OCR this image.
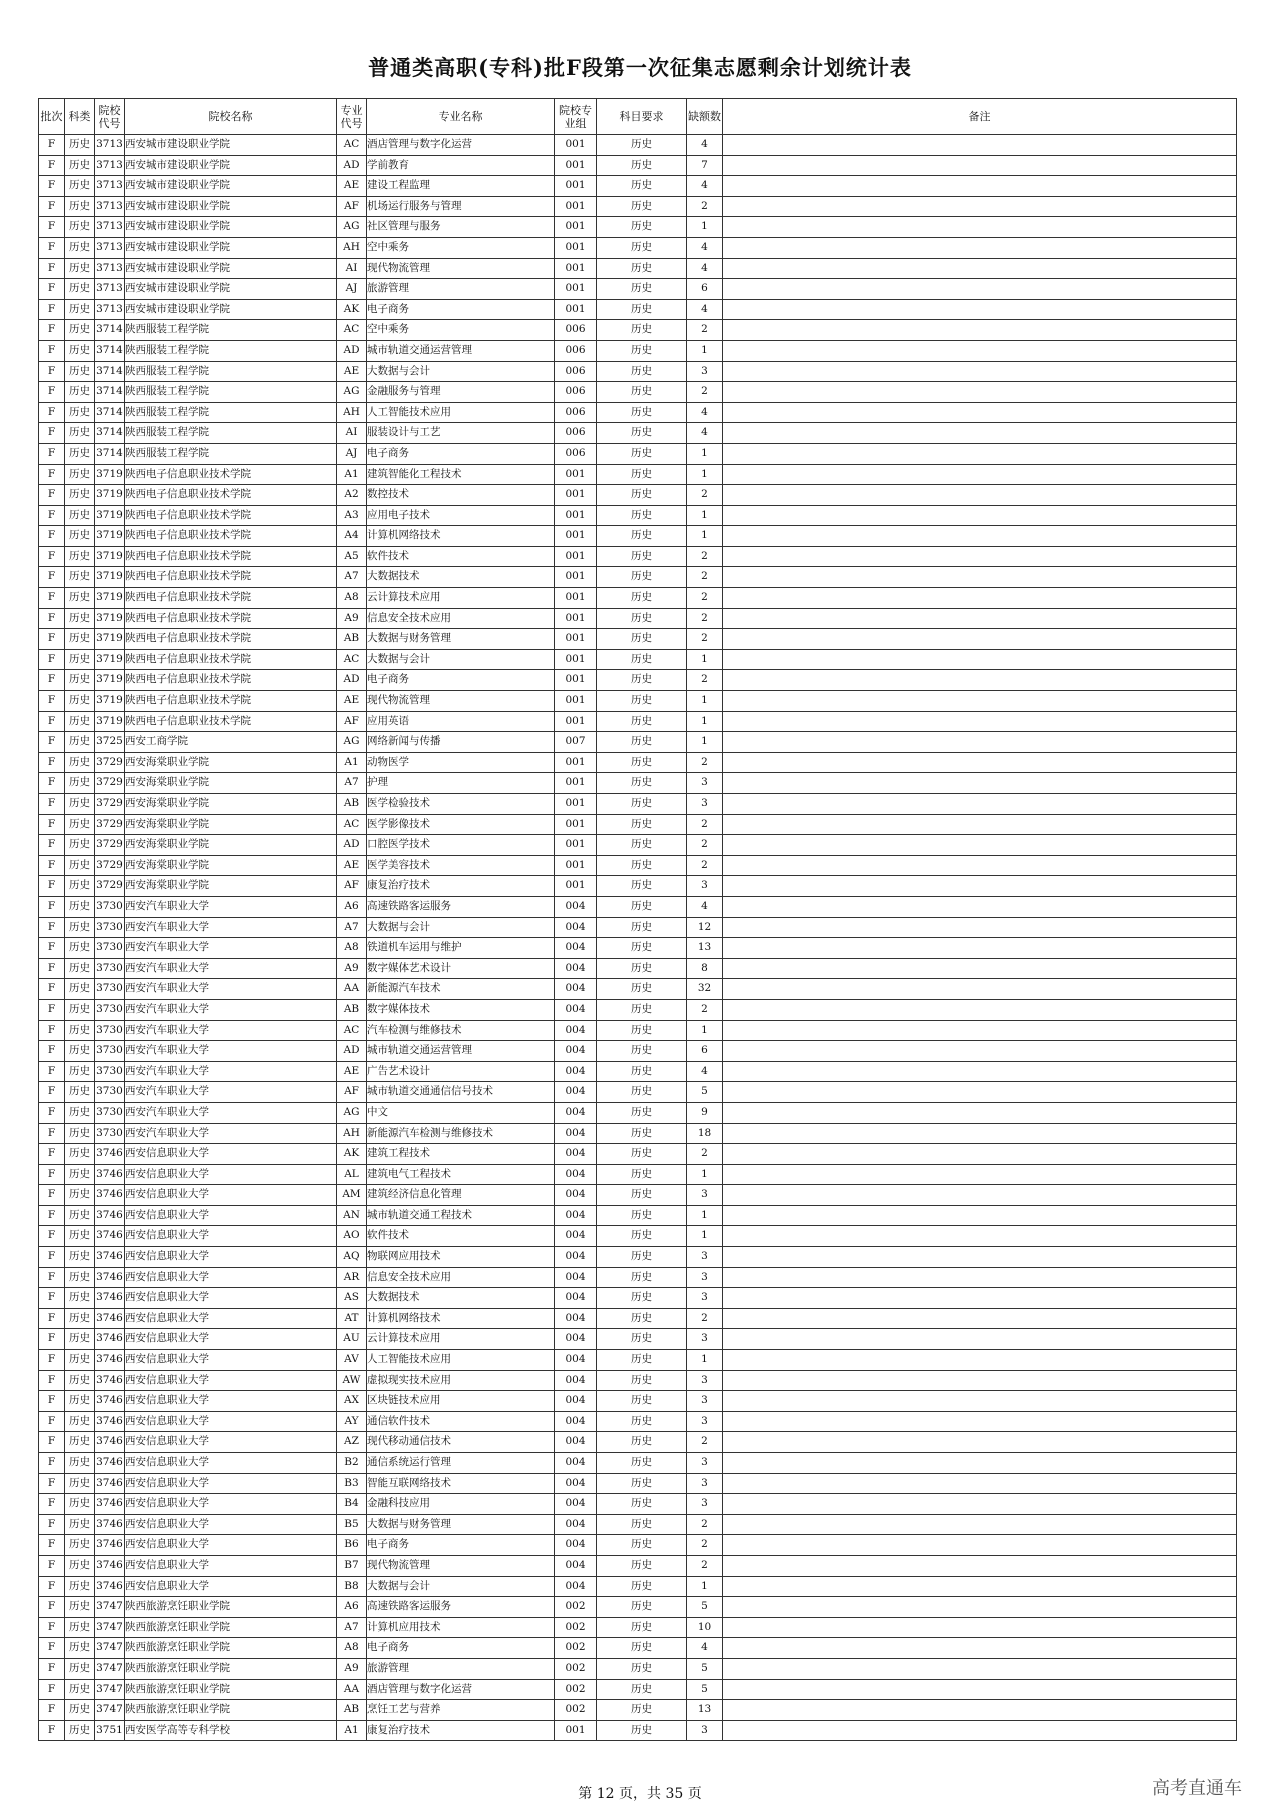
普通类高职(专科)批F段第一次征集志愿剩余计划统计表
批次	科类	院校代号	院校名称	专业代号	专业名称	院校专业组	科目要求	缺额数	备注
F	历史	3713	西安城市建设职业学院	AC	酒店管理与数字化运营	001	历史	4	
F	历史	3713	西安城市建设职业学院	AD	学前教育	001	历史	7	
F	历史	3713	西安城市建设职业学院	AE	建设工程监理	001	历史	4	
F	历史	3713	西安城市建设职业学院	AF	机场运行服务与管理	001	历史	2	
F	历史	3713	西安城市建设职业学院	AG	社区管理与服务	001	历史	1	
F	历史	3713	西安城市建设职业学院	AH	空中乘务	001	历史	4	
F	历史	3713	西安城市建设职业学院	AI	现代物流管理	001	历史	4	
F	历史	3713	西安城市建设职业学院	AJ	旅游管理	001	历史	6	
F	历史	3713	西安城市建设职业学院	AK	电子商务	001	历史	4	
F	历史	3714	陕西服装工程学院	AC	空中乘务	006	历史	2	
F	历史	3714	陕西服装工程学院	AD	城市轨道交通运营管理	006	历史	1	
F	历史	3714	陕西服装工程学院	AE	大数据与会计	006	历史	3	
F	历史	3714	陕西服装工程学院	AG	金融服务与管理	006	历史	2	
F	历史	3714	陕西服装工程学院	AH	人工智能技术应用	006	历史	4	
F	历史	3714	陕西服装工程学院	AI	服装设计与工艺	006	历史	4	
F	历史	3714	陕西服装工程学院	AJ	电子商务	006	历史	1	
F	历史	3719	陕西电子信息职业技术学院	A1	建筑智能化工程技术	001	历史	1	
F	历史	3719	陕西电子信息职业技术学院	A2	数控技术	001	历史	2	
F	历史	3719	陕西电子信息职业技术学院	A3	应用电子技术	001	历史	1	
F	历史	3719	陕西电子信息职业技术学院	A4	计算机网络技术	001	历史	1	
F	历史	3719	陕西电子信息职业技术学院	A5	软件技术	001	历史	2	
F	历史	3719	陕西电子信息职业技术学院	A7	大数据技术	001	历史	2	
F	历史	3719	陕西电子信息职业技术学院	A8	云计算技术应用	001	历史	2	
F	历史	3719	陕西电子信息职业技术学院	A9	信息安全技术应用	001	历史	2	
F	历史	3719	陕西电子信息职业技术学院	AB	大数据与财务管理	001	历史	2	
F	历史	3719	陕西电子信息职业技术学院	AC	大数据与会计	001	历史	1	
F	历史	3719	陕西电子信息职业技术学院	AD	电子商务	001	历史	2	
F	历史	3719	陕西电子信息职业技术学院	AE	现代物流管理	001	历史	1	
F	历史	3719	陕西电子信息职业技术学院	AF	应用英语	001	历史	1	
F	历史	3725	西安工商学院	AG	网络新闻与传播	007	历史	1	
F	历史	3729	西安海棠职业学院	A1	动物医学	001	历史	2	
F	历史	3729	西安海棠职业学院	A7	护理	001	历史	3	
F	历史	3729	西安海棠职业学院	AB	医学检验技术	001	历史	3	
F	历史	3729	西安海棠职业学院	AC	医学影像技术	001	历史	2	
F	历史	3729	西安海棠职业学院	AD	口腔医学技术	001	历史	2	
F	历史	3729	西安海棠职业学院	AE	医学美容技术	001	历史	2	
F	历史	3729	西安海棠职业学院	AF	康复治疗技术	001	历史	3	
F	历史	3730	西安汽车职业大学	A6	高速铁路客运服务	004	历史	4	
F	历史	3730	西安汽车职业大学	A7	大数据与会计	004	历史	12	
F	历史	3730	西安汽车职业大学	A8	铁道机车运用与维护	004	历史	13	
F	历史	3730	西安汽车职业大学	A9	数字媒体艺术设计	004	历史	8	
F	历史	3730	西安汽车职业大学	AA	新能源汽车技术	004	历史	32	
F	历史	3730	西安汽车职业大学	AB	数字媒体技术	004	历史	2	
F	历史	3730	西安汽车职业大学	AC	汽车检测与维修技术	004	历史	1	
F	历史	3730	西安汽车职业大学	AD	城市轨道交通运营管理	004	历史	6	
F	历史	3730	西安汽车职业大学	AE	广告艺术设计	004	历史	4	
F	历史	3730	西安汽车职业大学	AF	城市轨道交通通信信号技术	004	历史	5	
F	历史	3730	西安汽车职业大学	AG	中文	004	历史	9	
F	历史	3730	西安汽车职业大学	AH	新能源汽车检测与维修技术	004	历史	18	
F	历史	3746	西安信息职业大学	AK	建筑工程技术	004	历史	2	
F	历史	3746	西安信息职业大学	AL	建筑电气工程技术	004	历史	1	
F	历史	3746	西安信息职业大学	AM	建筑经济信息化管理	004	历史	3	
F	历史	3746	西安信息职业大学	AN	城市轨道交通工程技术	004	历史	1	
F	历史	3746	西安信息职业大学	AO	软件技术	004	历史	1	
F	历史	3746	西安信息职业大学	AQ	物联网应用技术	004	历史	3	
F	历史	3746	西安信息职业大学	AR	信息安全技术应用	004	历史	3	
F	历史	3746	西安信息职业大学	AS	大数据技术	004	历史	3	
F	历史	3746	西安信息职业大学	AT	计算机网络技术	004	历史	2	
F	历史	3746	西安信息职业大学	AU	云计算技术应用	004	历史	3	
F	历史	3746	西安信息职业大学	AV	人工智能技术应用	004	历史	1	
F	历史	3746	西安信息职业大学	AW	虚拟现实技术应用	004	历史	3	
F	历史	3746	西安信息职业大学	AX	区块链技术应用	004	历史	3	
F	历史	3746	西安信息职业大学	AY	通信软件技术	004	历史	3	
F	历史	3746	西安信息职业大学	AZ	现代移动通信技术	004	历史	2	
F	历史	3746	西安信息职业大学	B2	通信系统运行管理	004	历史	3	
F	历史	3746	西安信息职业大学	B3	智能互联网络技术	004	历史	3	
F	历史	3746	西安信息职业大学	B4	金融科技应用	004	历史	3	
F	历史	3746	西安信息职业大学	B5	大数据与财务管理	004	历史	2	
F	历史	3746	西安信息职业大学	B6	电子商务	004	历史	2	
F	历史	3746	西安信息职业大学	B7	现代物流管理	004	历史	2	
F	历史	3746	西安信息职业大学	B8	大数据与会计	004	历史	1	
F	历史	3747	陕西旅游烹饪职业学院	A6	高速铁路客运服务	002	历史	5	
F	历史	3747	陕西旅游烹饪职业学院	A7	计算机应用技术	002	历史	10	
F	历史	3747	陕西旅游烹饪职业学院	A8	电子商务	002	历史	4	
F	历史	3747	陕西旅游烹饪职业学院	A9	旅游管理	002	历史	5	
F	历史	3747	陕西旅游烹饪职业学院	AA	酒店管理与数字化运营	002	历史	5	
F	历史	3747	陕西旅游烹饪职业学院	AB	烹饪工艺与营养	002	历史	13	
F	历史	3751	西安医学高等专科学校	A1	康复治疗技术	001	历史	3	
第 12 页，共 35 页	高考直通车
